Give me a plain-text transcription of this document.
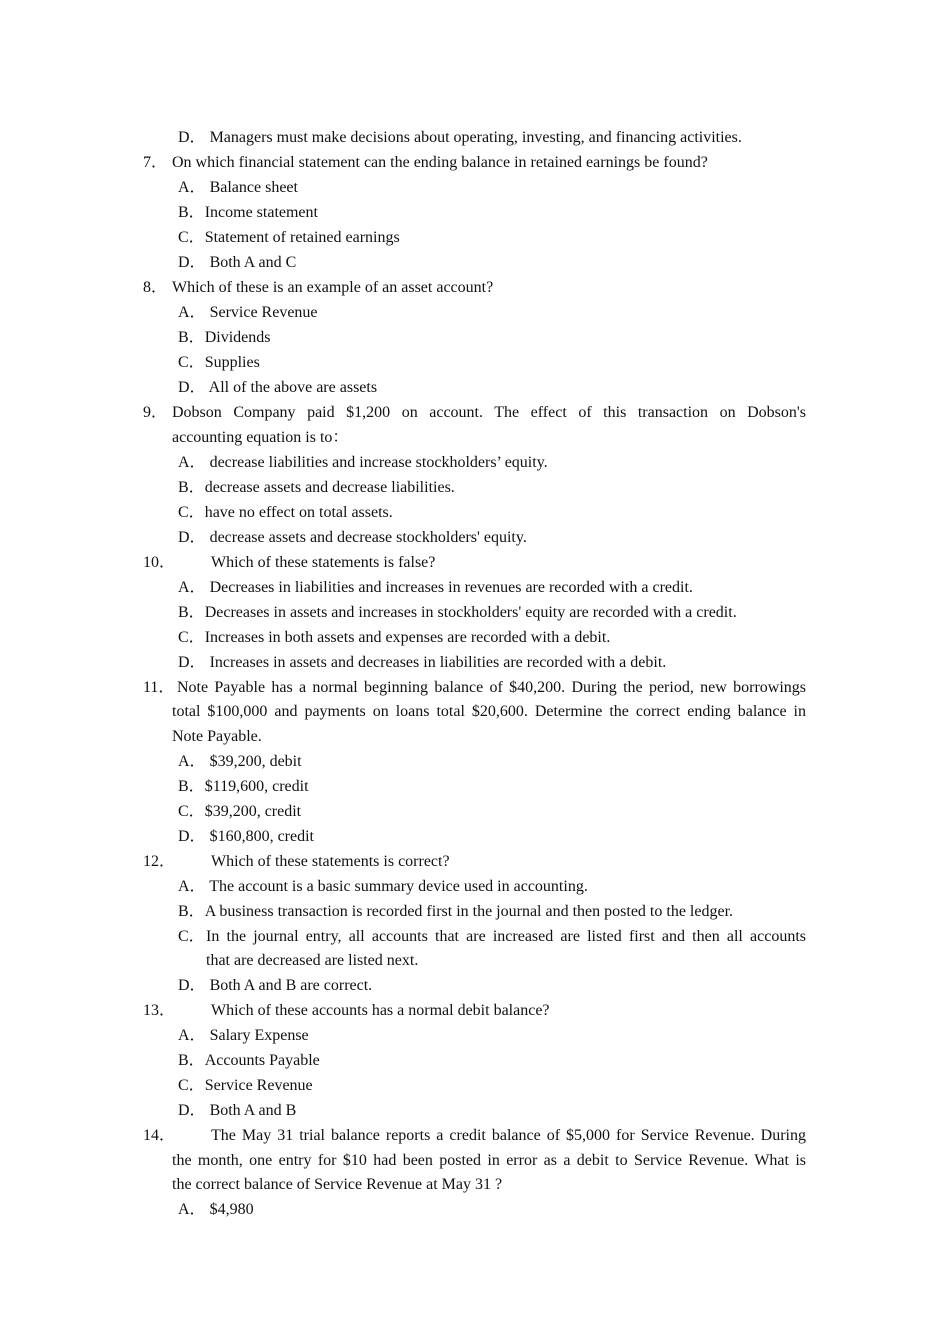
D． Managers must make decisions about operating, investing, and financing activities.
7． On which financial statement can the ending balance in retained earnings be found?
A． Balance sheet
B．Income statement
C．Statement of retained earnings
D． Both A and C
8． Which of these is an example of an asset account?
A． Service Revenue
B．Dividends
C．Supplies
D． All of the above are assets
9． Dobson Company paid $1,200 on account. The effect of this transaction on Dobson's
accounting equation is to：
A． decrease liabilities and increase stockholders’ equity.
B．decrease assets and decrease liabilities.
C．have no effect on total assets.
D． decrease assets and decrease stockholders' equity.
10． Which of these statements is false?
A． Decreases in liabilities and increases in revenues are recorded with a credit.
B．Decreases in assets and increases in stockholders' equity are recorded with a credit.
C．Increases in both assets and expenses are recorded with a debit.
D． Increases in assets and decreases in liabilities are recorded with a debit.
11． Note Payable has a normal beginning balance of $40,200. During the period, new borrowings
total $100,000 and payments on loans total $20,600. Determine the correct ending balance in
Note Payable.
A． $39,200, debit
B．$119,600, credit
C．$39,200, credit
D． $160,800, credit
12． Which of these statements is correct?
A． The account is a basic summary device used in accounting.
B．A business transaction is recorded first in the journal and then posted to the ledger.
C． In the journal entry, all accounts that are increased are listed first and then all accounts
that are decreased are listed next.
D． Both A and B are correct.
13． Which of these accounts has a normal debit balance?
A． Salary Expense
B．Accounts Payable
C．Service Revenue
D． Both A and B
14． The May 31 trial balance reports a credit balance of $5,000 for Service Revenue. During
the month, one entry for $10 had been posted in error as a debit to Service Revenue. What is
the correct balance of Service Revenue at May 31 ?
A． $4,980
